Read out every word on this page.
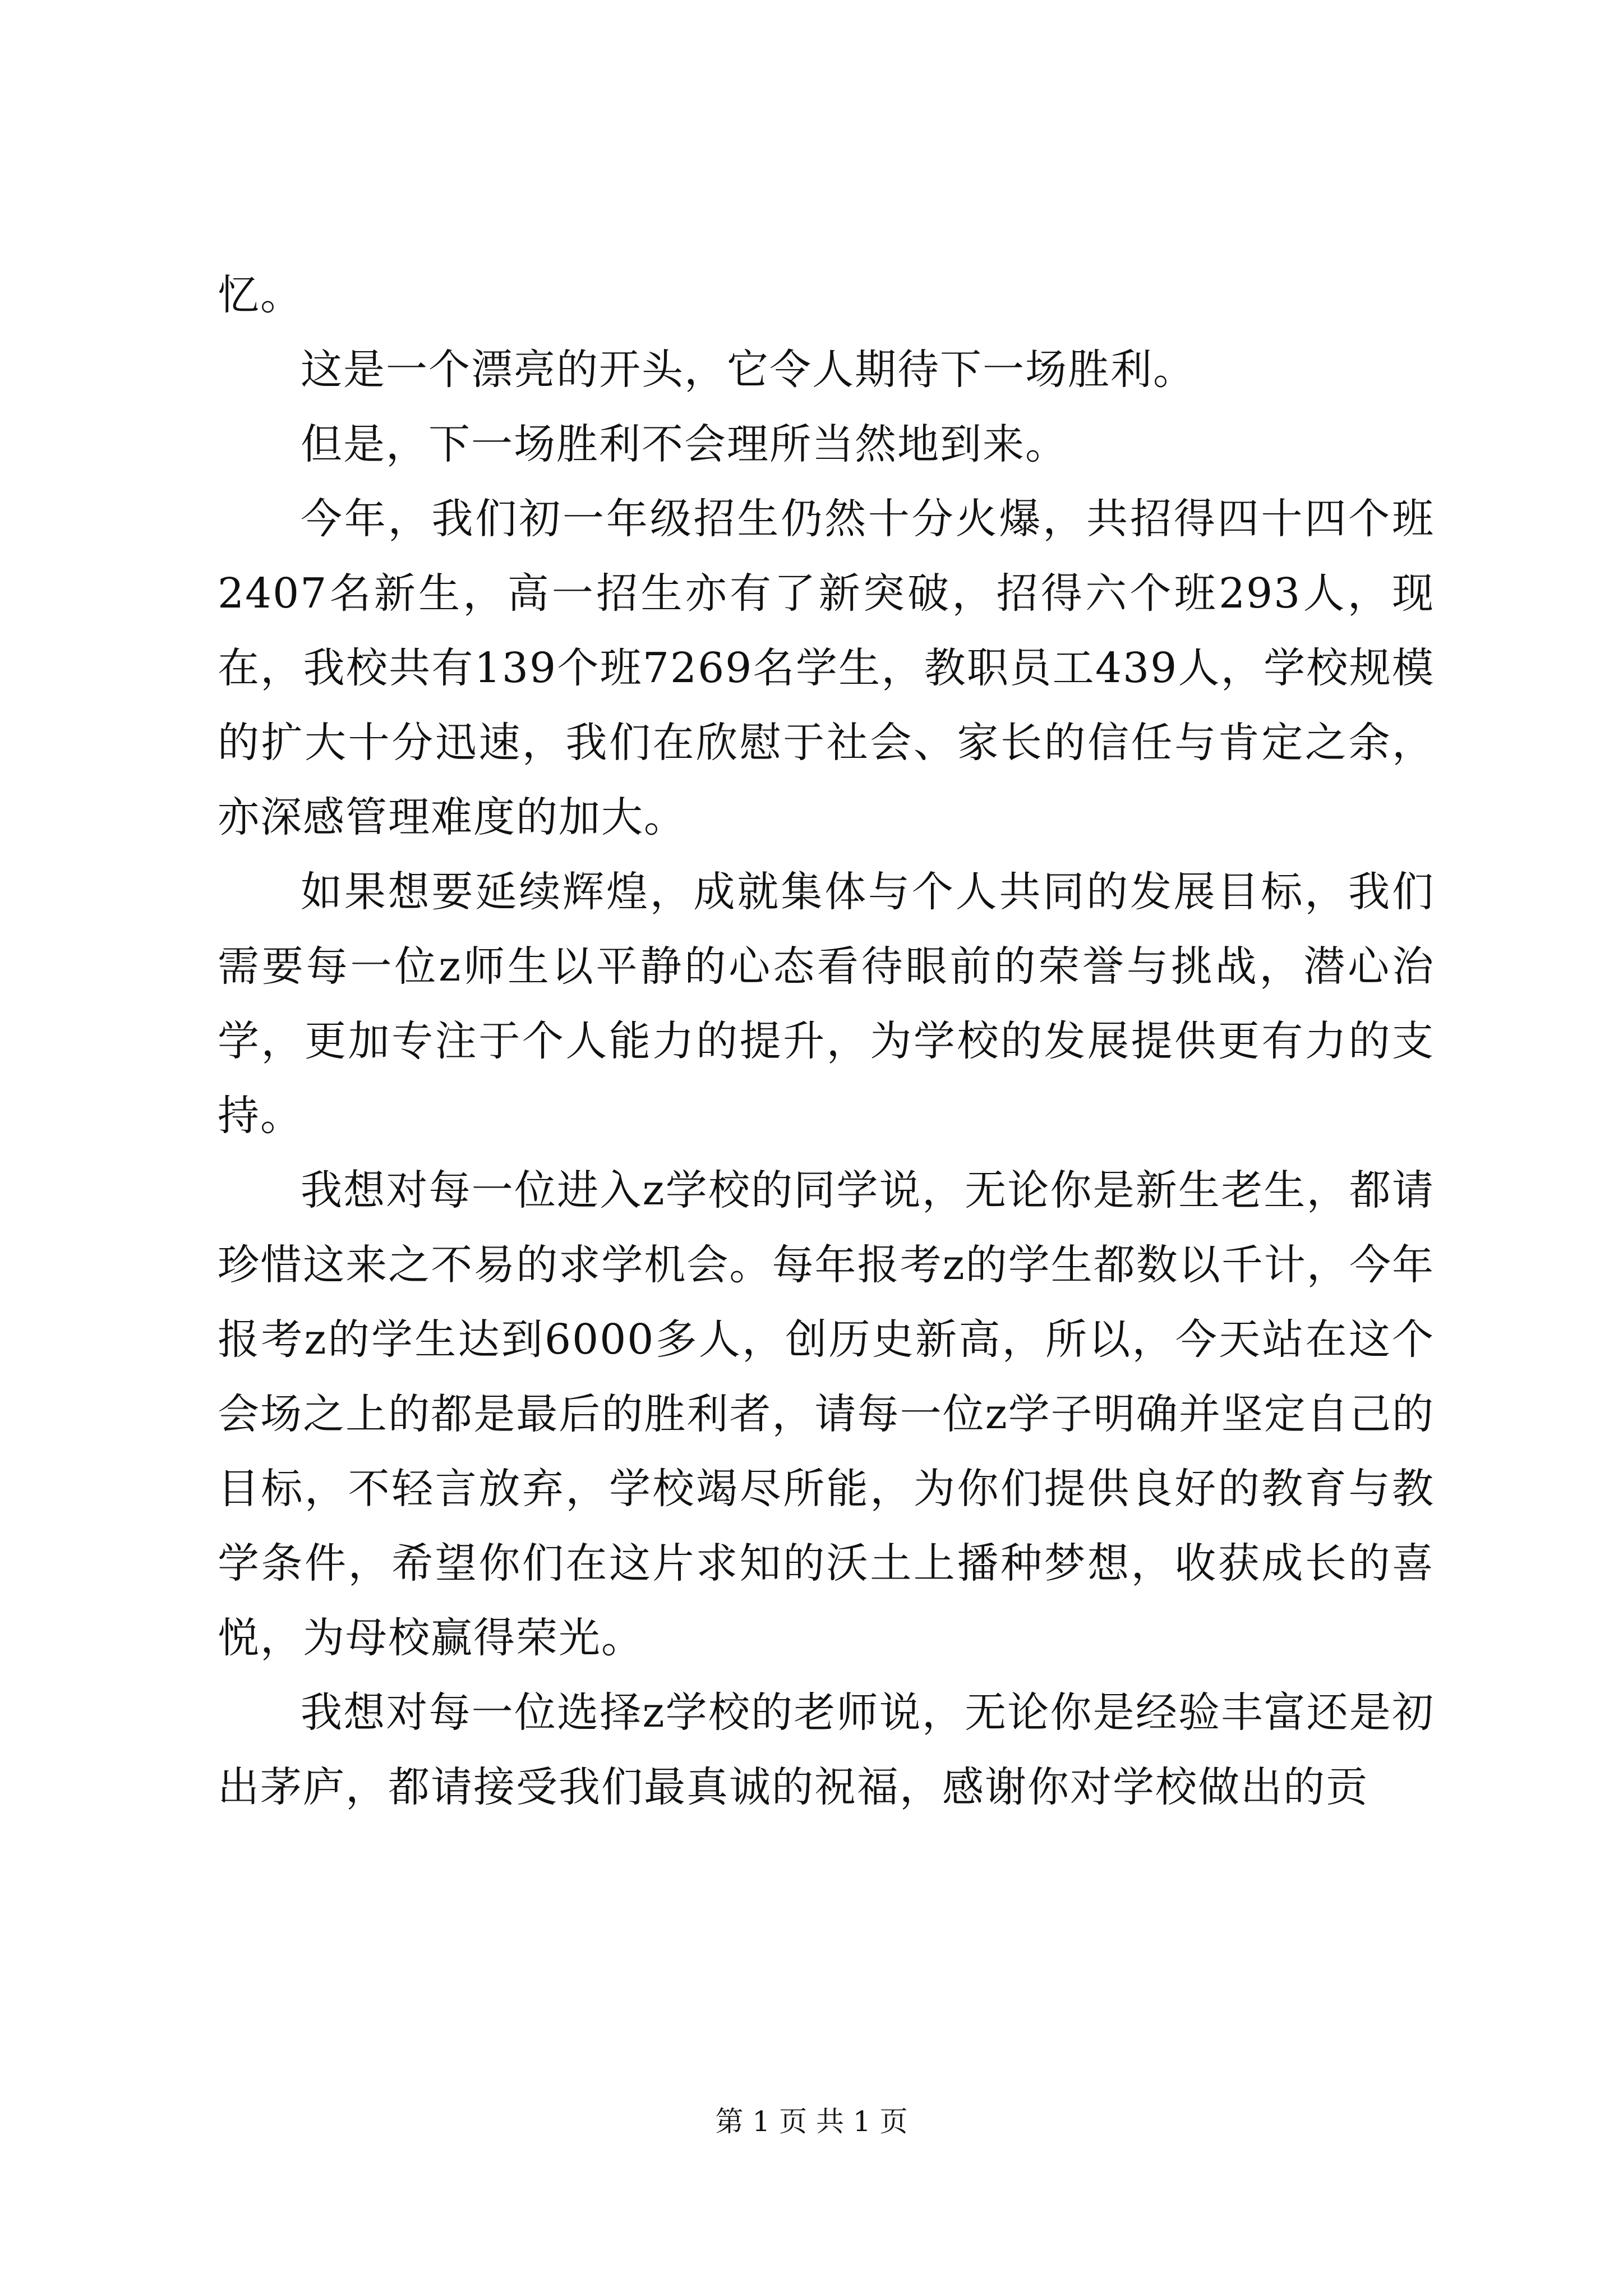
忆。

这是一个漂亮的开头，它令人期待下一场胜利。

但是，下一场胜利不会理所当然地到来。

今年，我们初一年级招生仍然十分火爆，共招得四十四个班2407名新生，高一招生亦有了新突破，招得六个班293人，现在，我校共有139个班7269名学生，教职员工439人，学校规模的扩大十分迅速，我们在欣慰于社会、家长的信任与肯定之余，亦深感管理难度的加大。

如果想要延续辉煌，成就集体与个人共同的发展目标，我们需要每一位z师生以平静的心态看待眼前的荣誉与挑战，潜心治学，更加专注于个人能力的提升，为学校的发展提供更有力的支持。

我想对每一位进入z学校的同学说，无论你是新生老生，都请珍惜这来之不易的求学机会。每年报考z的学生都数以千计，今年报考z的学生达到6000多人，创历史新高，所以，今天站在这个会场之上的都是最后的胜利者，请每一位z学子明确并坚定自己的目标，不轻言放弃，学校竭尽所能，为你们提供良好的教育与教学条件，希望你们在这片求知的沃土上播种梦想，收获成长的喜悦，为母校赢得荣光。

我想对每一位选择z学校的老师说，无论你是经验丰富还是初出茅庐，都请接受我们最真诚的祝福，感谢你对学校做出的贡

第 1 页 共 1 页
